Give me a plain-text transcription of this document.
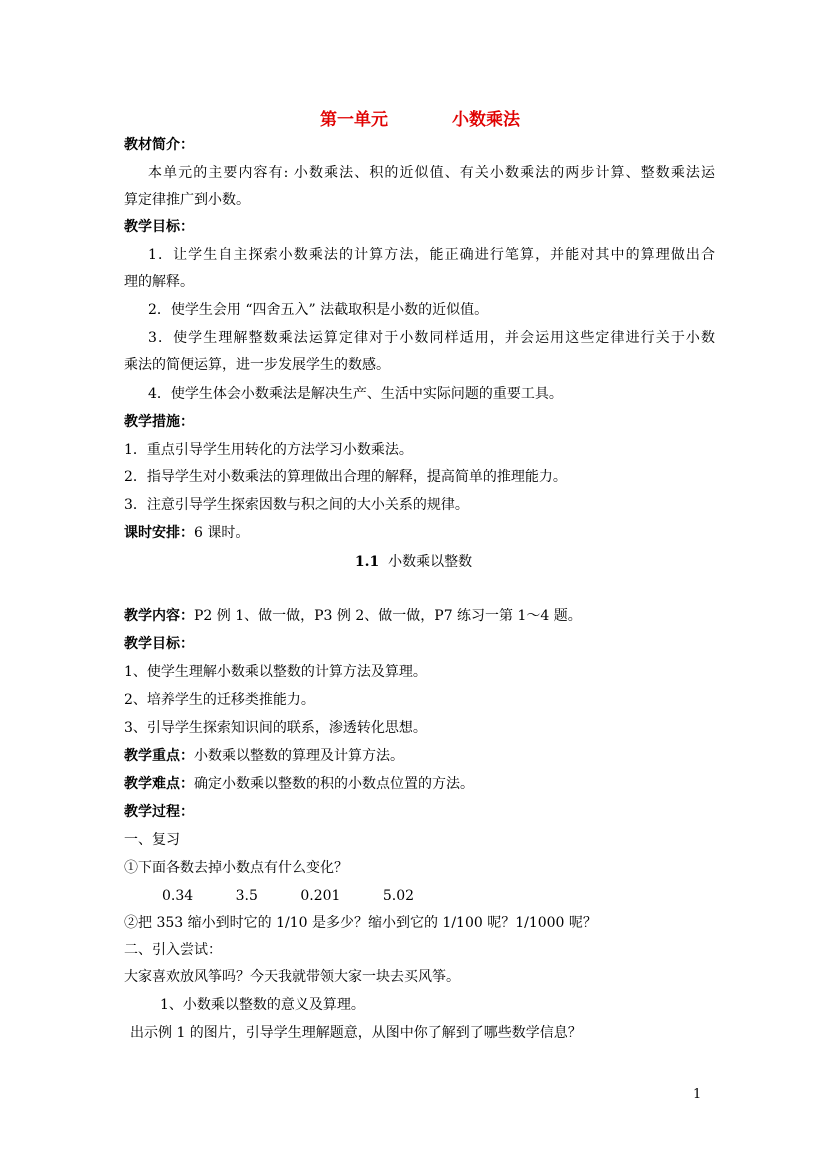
第一单元	小数乘法
教材简介：
本单元的主要内容有: 小数乘法、积的近似值、有关小数乘法的两步计算、整数乘法运
算定律推广到小数。
教学目标：
1．让学生自主探索小数乘法的计算方法，能正确进行笔算，并能对其中的算理做出合
理的解释。
2．使学生会用 “四舍五入” 法截取积是小数的近似值。
3．使学生理解整数乘法运算定律对于小数同样适用，并会运用这些定律进行关于小数
乘法的简便运算，进一步发展学生的数感。
4．使学生体会小数乘法是解决生产、生活中实际问题的重要工具。
教学措施：
1．重点引导学生用转化的方法学习小数乘法。
2．指导学生对小数乘法的算理做出合理的解释，提高简单的推理能力。
3．注意引导学生探索因数与积之间的大小关系的规律。
课时安排：6 课时。
1.1 小数乘以整数
教学内容：P2 例 1、做一做，P3 例 2、做一做，P7 练习一第 1～4 题。
教学目标：
1、使学生理解小数乘以整数的计算方法及算理。
2、培养学生的迁移类推能力。
3、引导学生探索知识间的联系，渗透转化思想。
教学重点：小数乘以整数的算理及计算方法。
教学难点：确定小数乘以整数的积的小数点位置的方法。
教学过程：
一、复习
①下面各数去掉小数点有什么变化？
0.34	3.5	0.201	5.02
②把 353 缩小到时它的 1/10 是多少？缩小到它的 1/100 呢？1/1000 呢？
二、引入尝试：
大家喜欢放风筝吗？今天我就带领大家一块去买风筝。
1、小数乘以整数的意义及算理。
出示例 1 的图片，引导学生理解题意，从图中你了解到了哪些数学信息？
1
